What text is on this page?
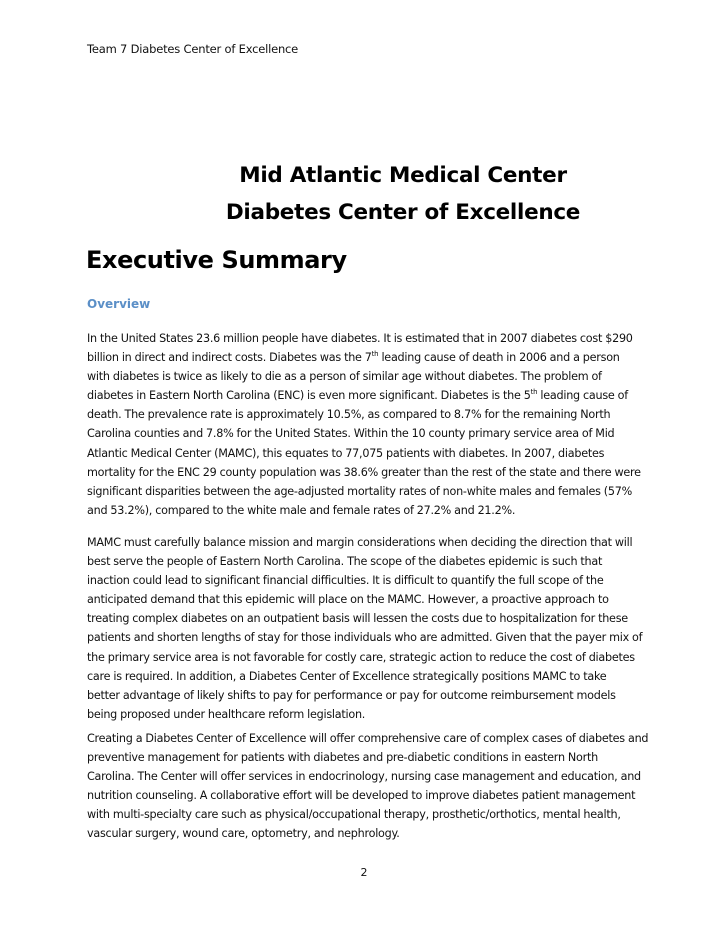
Team 7 Diabetes Center of Excellence
Mid Atlantic Medical Center
Diabetes Center of Excellence
Executive Summary
Overview
In the United States 23.6 million people have diabetes. It is estimated that in 2007 diabetes cost $290
billion in direct and indirect costs. Diabetes was the 7th leading cause of death in 2006 and a person
with diabetes is twice as likely to die as a person of similar age without diabetes. The problem of
diabetes in Eastern North Carolina (ENC) is even more significant. Diabetes is the 5th leading cause of
death. The prevalence rate is approximately 10.5%, as compared to 8.7% for the remaining North
Carolina counties and 7.8% for the United States. Within the 10 county primary service area of Mid
Atlantic Medical Center (MAMC), this equates to 77,075 patients with diabetes. In 2007, diabetes
mortality for the ENC 29 county population was 38.6% greater than the rest of the state and there were
significant disparities between the age-adjusted mortality rates of non-white males and females (57%
and 53.2%), compared to the white male and female rates of 27.2% and 21.2%.
MAMC must carefully balance mission and margin considerations when deciding the direction that will
best serve the people of Eastern North Carolina. The scope of the diabetes epidemic is such that
inaction could lead to significant financial difficulties. It is difficult to quantify the full scope of the
anticipated demand that this epidemic will place on the MAMC. However, a proactive approach to
treating complex diabetes on an outpatient basis will lessen the costs due to hospitalization for these
patients and shorten lengths of stay for those individuals who are admitted. Given that the payer mix of
the primary service area is not favorable for costly care, strategic action to reduce the cost of diabetes
care is required. In addition, a Diabetes Center of Excellence strategically positions MAMC to take
better advantage of likely shifts to pay for performance or pay for outcome reimbursement models
being proposed under healthcare reform legislation.
Creating a Diabetes Center of Excellence will offer comprehensive care of complex cases of diabetes and
preventive management for patients with diabetes and pre-diabetic conditions in eastern North
Carolina. The Center will offer services in endocrinology, nursing case management and education, and
nutrition counseling. A collaborative effort will be developed to improve diabetes patient management
with multi-specialty care such as physical/occupational therapy, prosthetic/orthotics, mental health,
vascular surgery, wound care, optometry, and nephrology.
2
